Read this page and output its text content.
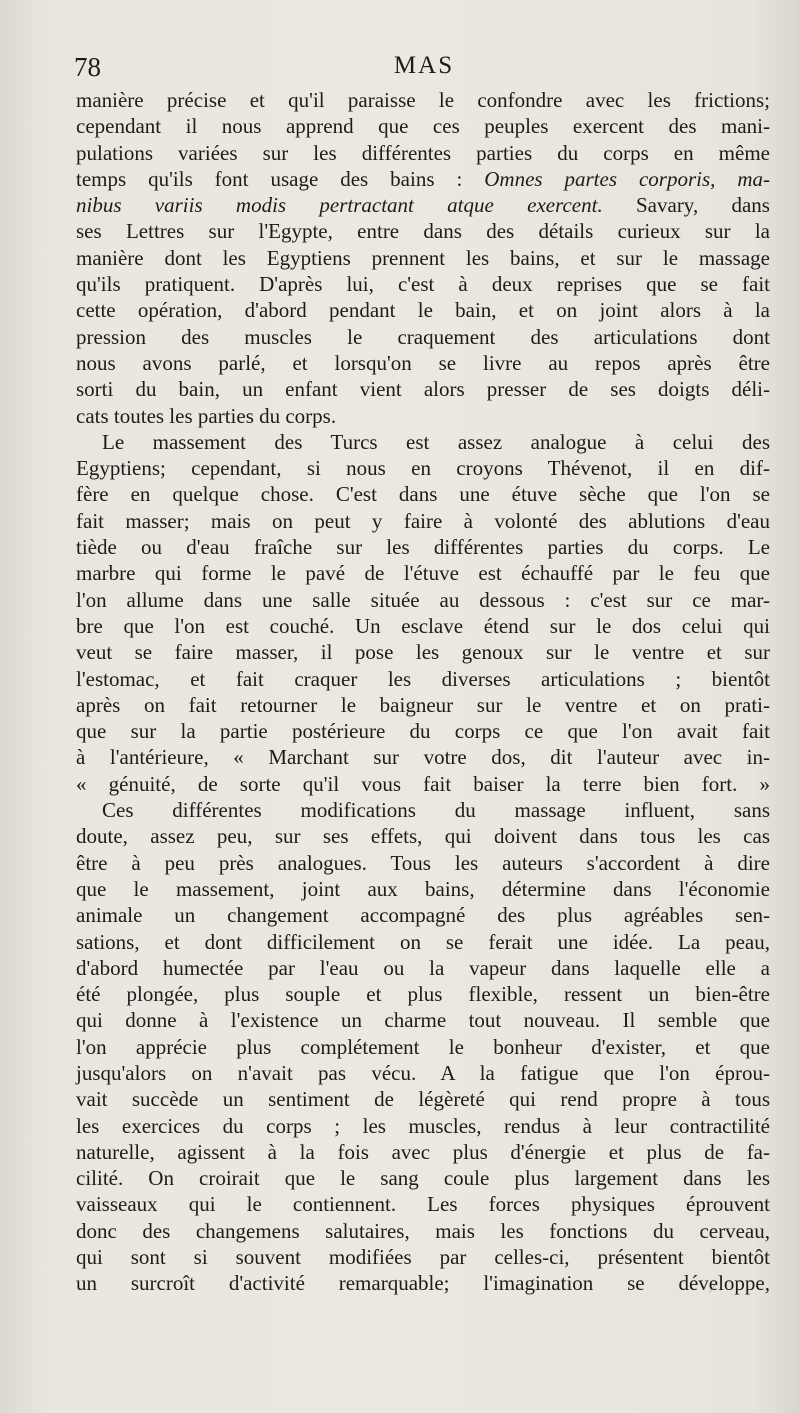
78	MAS
manière précise et qu'il paraisse le confondre avec les frictions;
cependant il nous apprend que ces peuples exercent des mani-
pulations variées sur les différentes parties du corps en même
temps qu'ils font usage des bains : Omnes partes corporis, ma-
nibus variis modis pertractant atque exercent. Savary, dans
ses Lettres sur l'Egypte, entre dans des détails curieux sur la
manière dont les Egyptiens prennent les bains, et sur le massage
qu'ils pratiquent. D'après lui, c'est à deux reprises que se fait
cette opération, d'abord pendant le bain, et on joint alors à la
pression des muscles le craquement des articulations dont
nous avons parlé, et lorsqu'on se livre au repos après être
sorti du bain, un enfant vient alors presser de ses doigts déli-
cats toutes les parties du corps.
Le massement des Turcs est assez analogue à celui des
Egyptiens; cependant, si nous en croyons Thévenot, il en dif-
fère en quelque chose. C'est dans une étuve sèche que l'on se
fait masser; mais on peut y faire à volonté des ablutions d'eau
tiède ou d'eau fraîche sur les différentes parties du corps. Le
marbre qui forme le pavé de l'étuve est échauffé par le feu que
l'on allume dans une salle située au dessous : c'est sur ce mar-
bre que l'on est couché. Un esclave étend sur le dos celui qui
veut se faire masser, il pose les genoux sur le ventre et sur
l'estomac, et fait craquer les diverses articulations ; bientôt
après on fait retourner le baigneur sur le ventre et on prati-
que sur la partie postérieure du corps ce que l'on avait fait
à l'antérieure, « Marchant sur votre dos, dit l'auteur avec in-
« génuité, de sorte qu'il vous fait baiser la terre bien fort. »
Ces différentes modifications du massage influent, sans
doute, assez peu, sur ses effets, qui doivent dans tous les cas
être à peu près analogues. Tous les auteurs s'accordent à dire
que le massement, joint aux bains, détermine dans l'économie
animale un changement accompagné des plus agréables sen-
sations, et dont difficilement on se ferait une idée. La peau,
d'abord humectée par l'eau ou la vapeur dans laquelle elle a
été plongée, plus souple et plus flexible, ressent un bien-être
qui donne à l'existence un charme tout nouveau. Il semble que
l'on apprécie plus complétement le bonheur d'exister, et que
jusqu'alors on n'avait pas vécu. A la fatigue que l'on éprou-
vait succède un sentiment de légèreté qui rend propre à tous
les exercices du corps ; les muscles, rendus à leur contractilité
naturelle, agissent à la fois avec plus d'énergie et plus de fa-
cilité. On croirait que le sang coule plus largement dans les
vaisseaux qui le contiennent. Les forces physiques éprouvent
donc des changemens salutaires, mais les fonctions du cerveau,
qui sont si souvent modifiées par celles-ci, présentent bientôt
un surcroît d'activité remarquable; l'imagination se développe,
